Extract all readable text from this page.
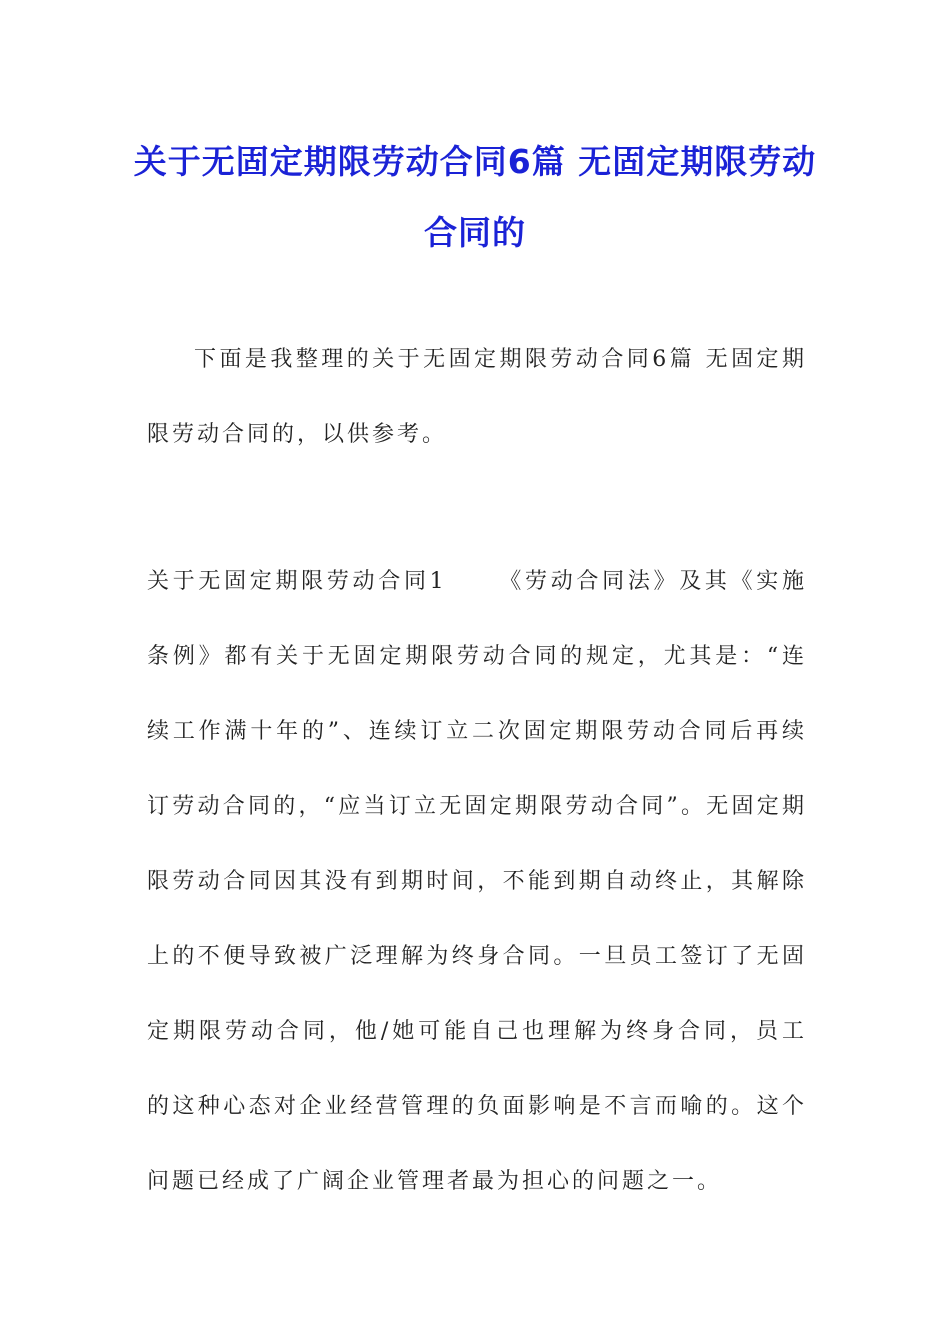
关于无固定期限劳动合同6篇 无固定期限劳动合同的

下面是我整理的关于无固定期限劳动合同6篇 无固定期限劳动合同的，以供参考。

关于无固定期限劳动合同1 《劳动合同法》及其《实施条例》都有关于无固定期限劳动合同的规定，尤其是：“连续工作满十年的”、连续订立二次固定期限劳动合同后再续订劳动合同的，“应当订立无固定期限劳动合同”。无固定期限劳动合同因其没有到期时间，不能到期自动终止，其解除上的不便导致被广泛理解为终身合同。一旦员工签订了无固定期限劳动合同，他/她可能自己也理解为终身合同，员工的这种心态对企业经营管理的负面影响是不言而喻的。这个问题已经成了广阔企业管理者最为担心的问题之一。
